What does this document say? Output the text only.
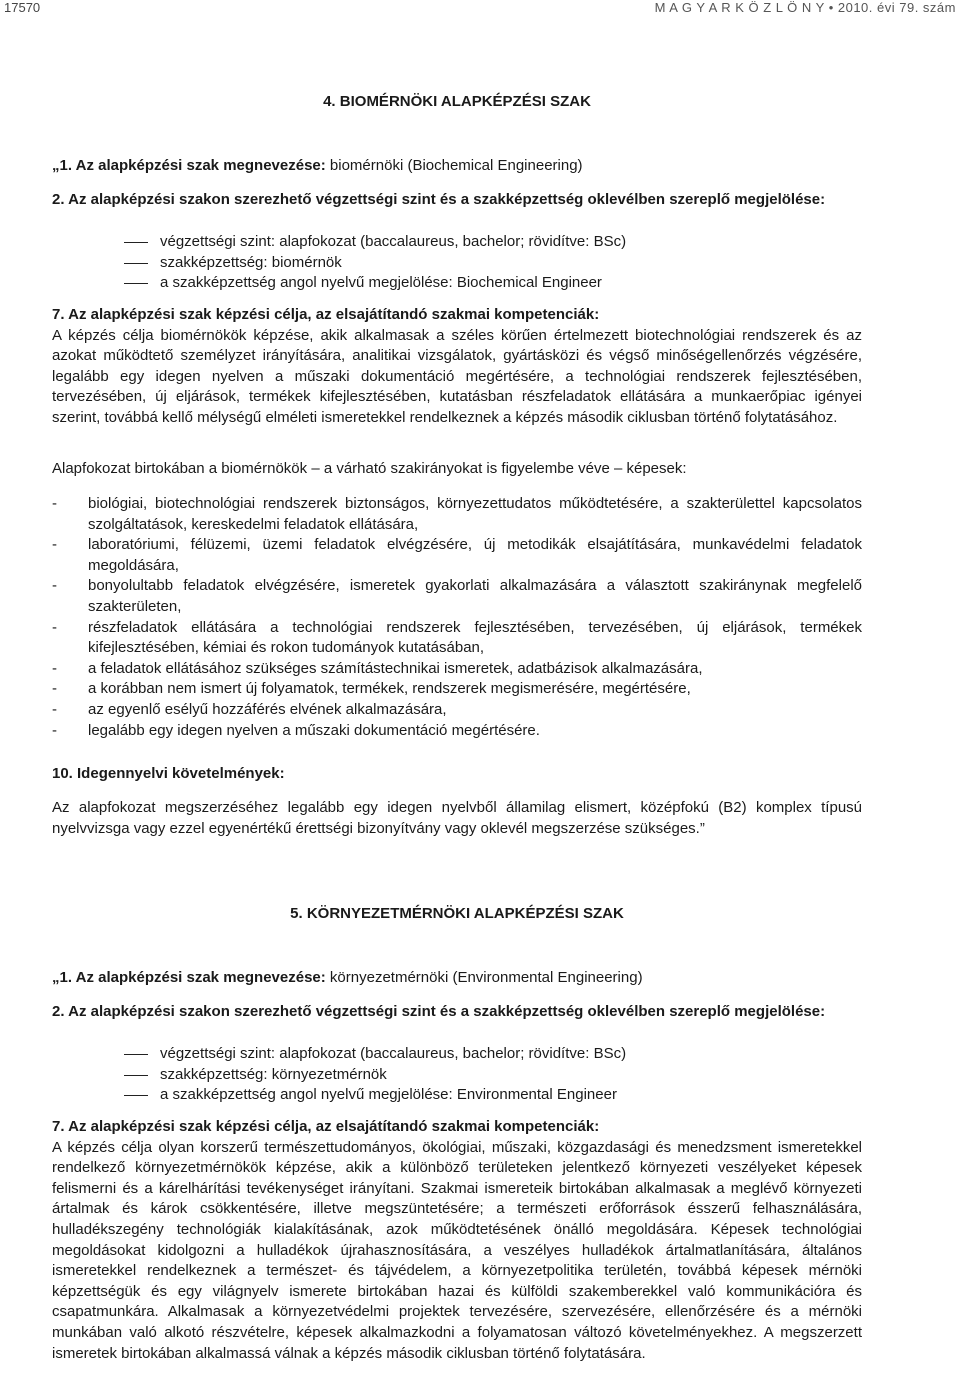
17570	M A G Y A R K Ö Z L Ö N Y • 2010. évi 79. szám
4. BIOMÉRNÖKI ALAPKÉPZÉSI SZAK
„1. Az alapképzési szak megnevezése: biomérnöki (Biochemical Engineering)
2. Az alapképzési szakon szerezhető végzettségi szint és a szakképzettség oklevélben szereplő megjelölése:
végzettségi szint: alapfokozat (baccalaureus, bachelor; rövidítve: BSc)
szakképzettség: biomérnök
a szakképzettség angol nyelvű megjelölése: Biochemical Engineer

7. Az alapképzési szak képzési célja, az elsajátítandó szakmai kompetenciák:

A képzés célja biomérnökök képzése, akik alkalmasak a széles körűen értelmezett biotechnológiai rendszerek és az azokat működtető személyzet irányítására, analitikai vizsgálatok, gyártásközi és végső minőségellenőrzés végzésére, legalább egy idegen nyelven a műszaki dokumentáció megértésére, a technológiai rendszerek fejlesztésében, tervezésében, új eljárások, termékek kifejlesztésében, kutatásban részfeladatok ellátására a munkaerőpiac igényei szerint, továbbá kellő mélységű elméleti ismeretekkel rendelkeznek a képzés második ciklusban történő folytatásához.

Alapfokozat birtokában a biomérnökök – a várható szakirányokat is figyelembe véve – képesek:
- biológiai, biotechnológiai rendszerek biztonságos, környezettudatos működtetésére, a szakterülettel kapcsolatos szolgáltatások, kereskedelmi feladatok ellátására,
- laboratóriumi, félüzemi, üzemi feladatok elvégzésére, új metodikák elsajátítására, munkavédelmi feladatok megoldására,
- bonyolultabb feladatok elvégzésére, ismeretek gyakorlati alkalmazására a választott szakiránynak megfelelő szakterületen,
- részfeladatok ellátására a technológiai rendszerek fejlesztésében, tervezésében, új eljárások, termékek kifejlesztésében, kémiai és rokon tudományok kutatásában,
- a feladatok ellátásához szükséges számítástechnikai ismeretek, adatbázisok alkalmazására,
- a korábban nem ismert új folyamatok, termékek, rendszerek megismerésére, megértésére,
- az egyenlő esélyű hozzáférés elvének alkalmazására,
- legalább egy idegen nyelven a műszaki dokumentáció megértésére.
10. Idegennyelvi követelmények:
Az alapfokozat megszerzéséhez legalább egy idegen nyelvből államilag elismert, középfokú (B2) komplex típusú nyelvvizsga vagy ezzel egyenértékű érettségi bizonyítvány vagy oklevél megszerzése szükséges.”
5. KÖRNYEZETMÉRNÖKI ALAPKÉPZÉSI SZAK
„1. Az alapképzési szak megnevezése: környezetmérnöki (Environmental Engineering)
2. Az alapképzési szakon szerezhető végzettségi szint és a szakképzettség oklevélben szereplő megjelölése:
végzettségi szint: alapfokozat (baccalaureus, bachelor; rövidítve: BSc)
szakképzettség: környezetmérnök
a szakképzettség angol nyelvű megjelölése: Environmental Engineer

7. Az alapképzési szak képzési célja, az elsajátítandó szakmai kompetenciák:

A képzés célja olyan korszerű természettudományos, ökológiai, műszaki, közgazdasági és menedzsment ismeretekkel rendelkező környezetmérnökök képzése, akik a különböző területeken jelentkező környezeti veszélyeket képesek felismerni és a kárelhárítási tevékenységet irányítani. Szakmai ismereteik birtokában alkalmasak a meglévő környezeti ártalmak és károk csökkentésére, illetve megszüntetésére; a természeti erőforrások ésszerű felhasználására, hulladékszegény technológiák kialakításának, azok működtetésének önálló megoldására. Képesek technológiai megoldásokat kidolgozni a hulladékok újrahasznosítására, a veszélyes hulladékok ártalmatlanítására, általános ismeretekkel rendelkeznek a természet- és tájvédelem, a környezetpolitika területén, továbbá képesek mérnöki képzettségük és egy világnyelv ismerete birtokában hazai és külföldi szakemberekkel való kommunikációra és csapatmunkára. Alkalmasak a környezetvédelmi projektek tervezésére, szervezésére, ellenőrzésére és a mérnöki munkában való alkotó részvételre, képesek alkalmazkodni a folyamatosan változó követelményekhez. A megszerzett ismeretek birtokában alkalmassá válnak a képzés második ciklusban történő folytatására.
